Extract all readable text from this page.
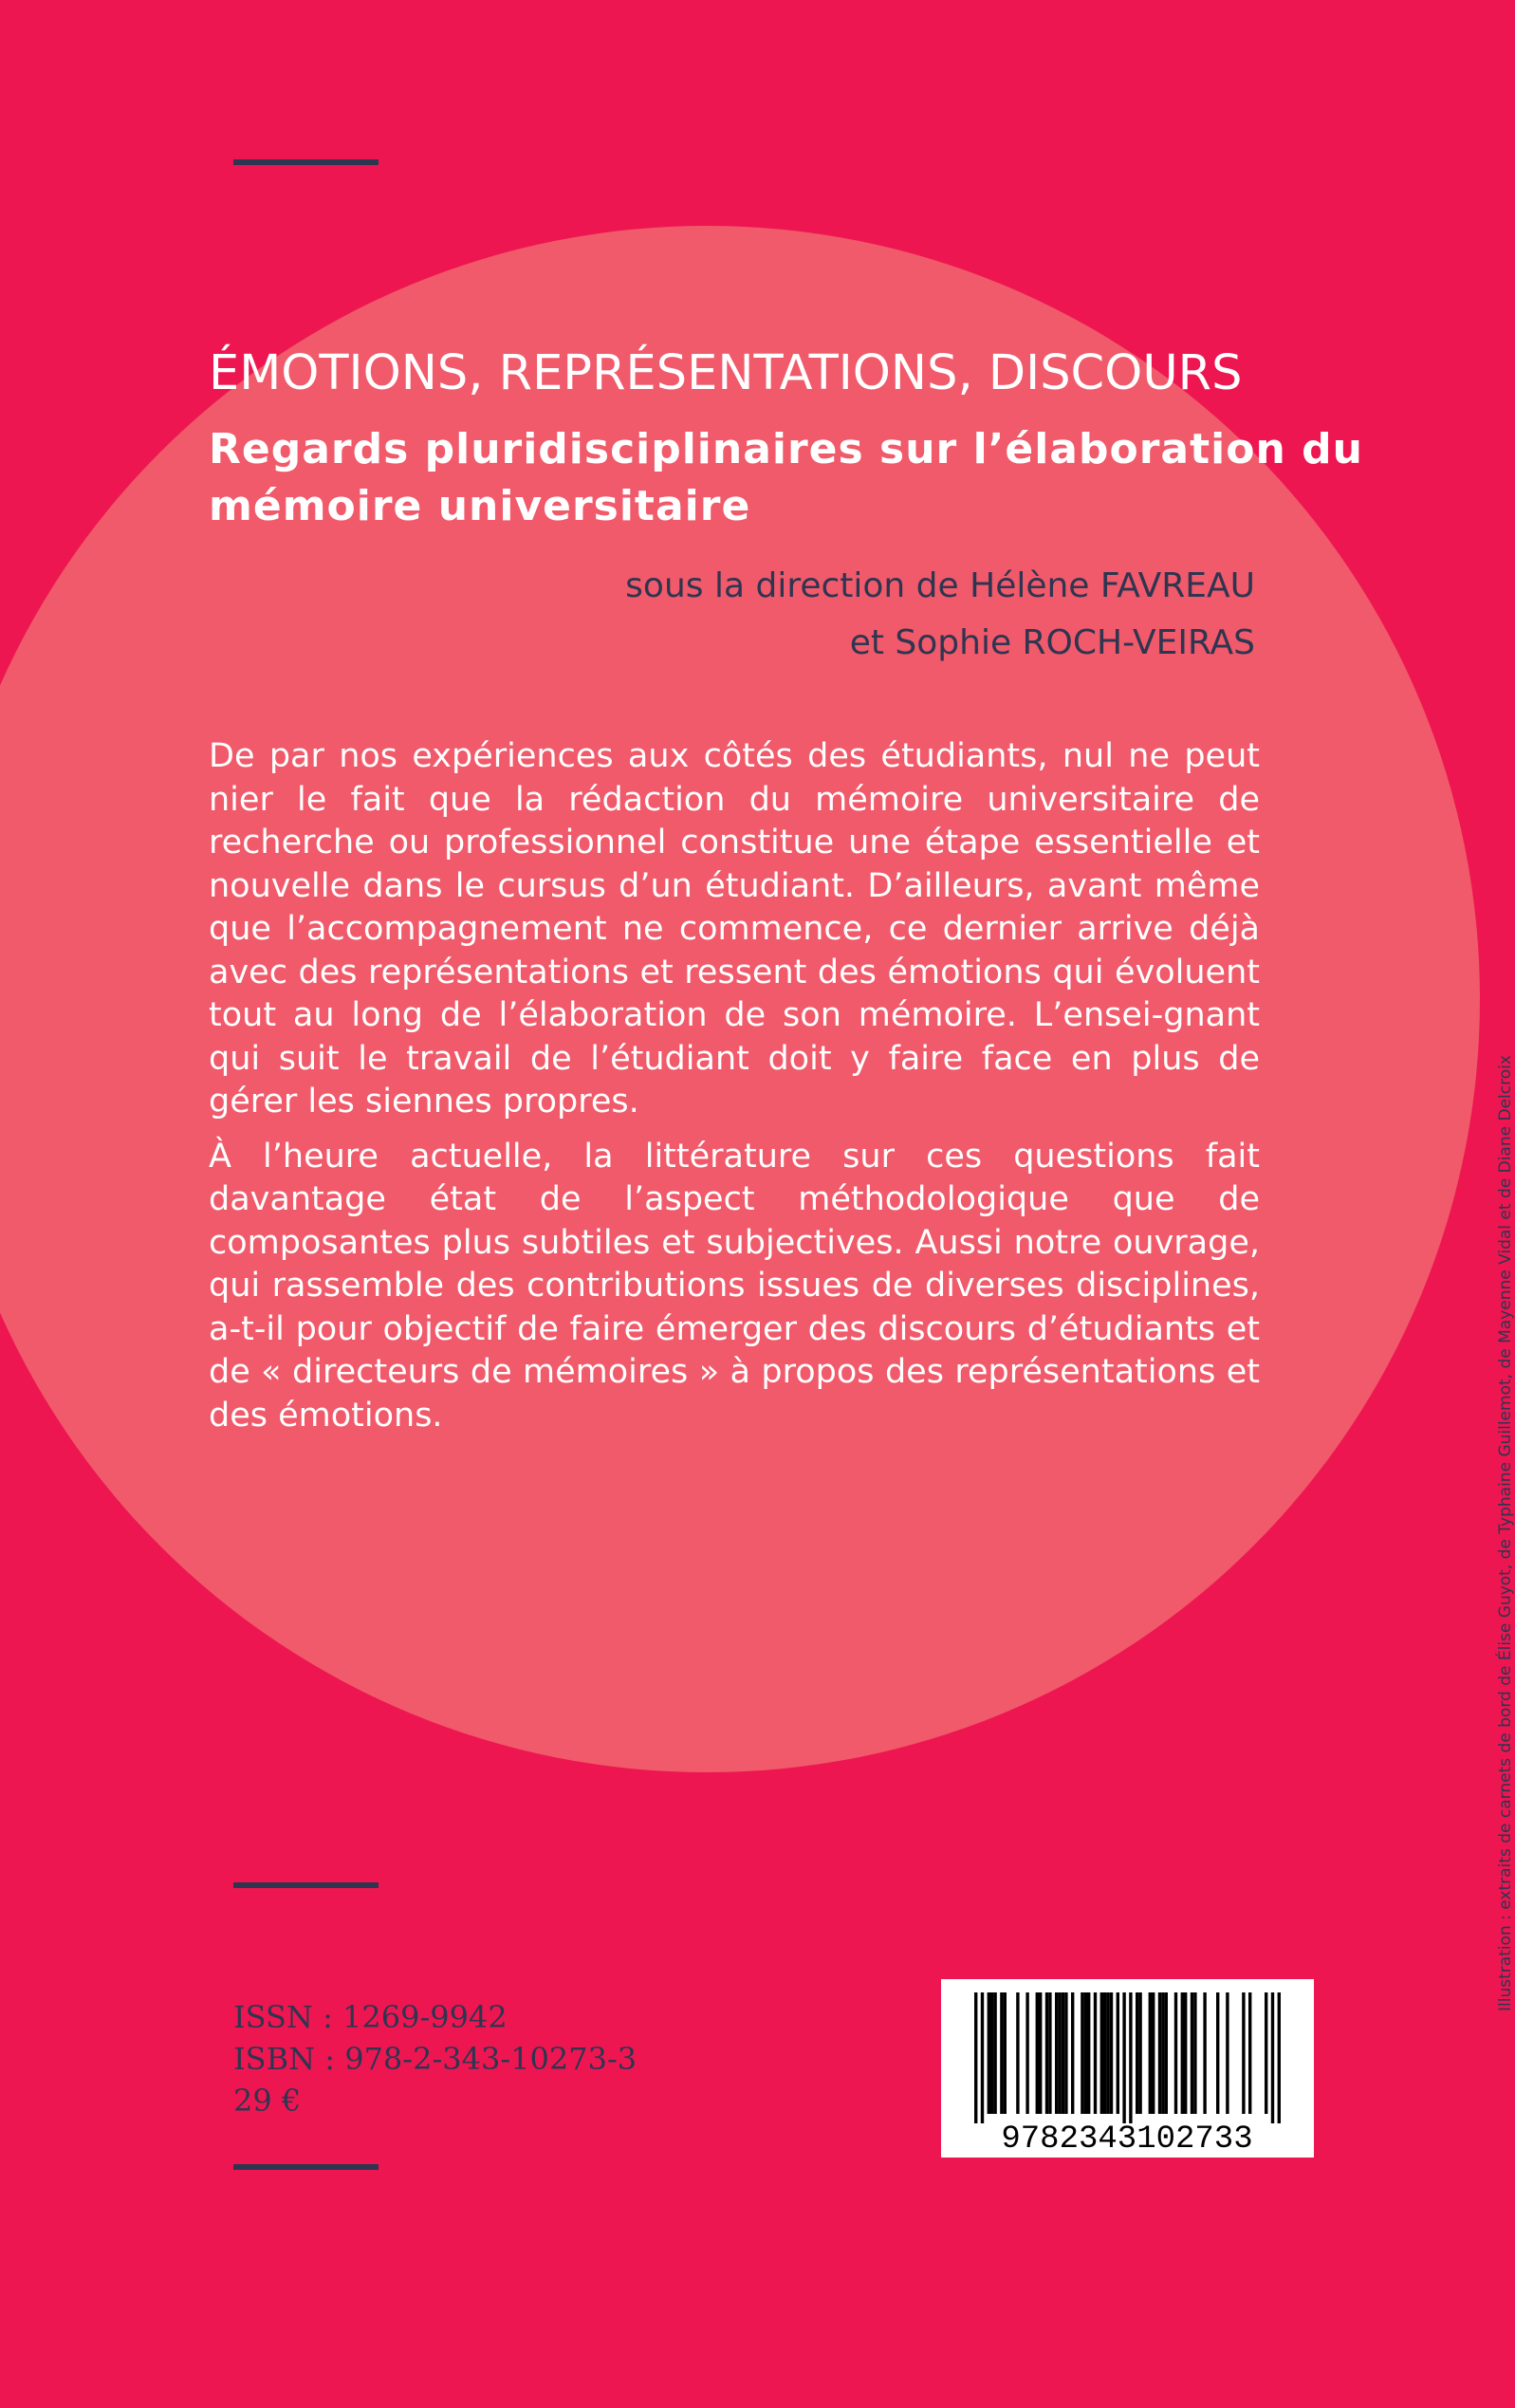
ÉMOTIONS, REPRÉSENTATIONS, DISCOURS
Regards pluridisciplinaires sur l’élaboration du mémoire universitaire
sous la direction de Hélène FAVREAU
et Sophie ROCH-VEIRAS

De par nos expériences aux côtés des étudiants, nul ne peut nier le fait que la rédaction du mémoire universitaire de recherche ou professionnel constitue une étape essentielle et nouvelle dans le cursus d’un étudiant. D’ailleurs, avant même que l’accompagnement ne commence, ce dernier arrive déjà avec des représentations et ressent des émotions qui évoluent tout au long de l’élaboration de son mémoire. L’ensei-gnant qui suit le travail de l’étudiant doit y faire face en plus de gérer les siennes propres.

À l’heure actuelle, la littérature sur ces questions fait davantage état de l’aspect méthodologique que de composantes plus subtiles et subjectives. Aussi notre ouvrage, qui rassemble des contributions issues de diverses disciplines, a-t-il pour objectif de faire émerger des discours d’étudiants et de « directeurs de mémoires » à propos des représentations et des émotions.

ISSN : 1269-9942
ISBN : 978-2-343-10273-3
29 €
9782343102733
Illustration : extraits de carnets de bord de Élise Guyot, de Typhaine Guillemot, de Mayenne Vidal et de Diane Delcroix
